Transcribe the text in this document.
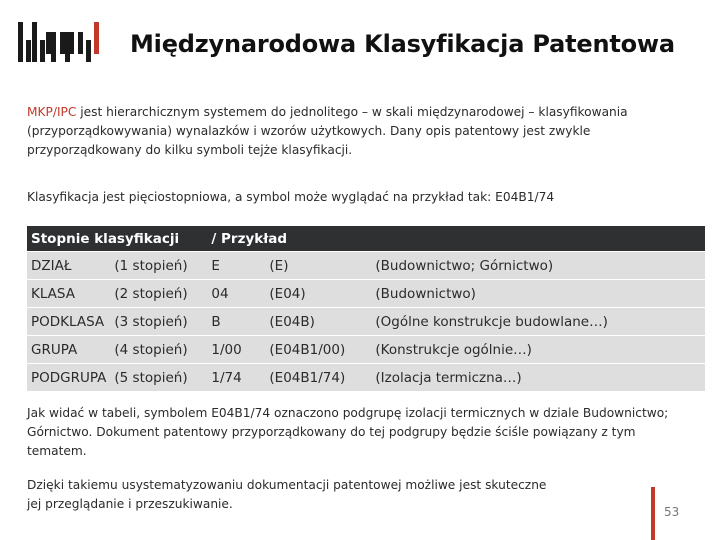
Międzynarodowa Klasyfikacja Patentowa
MKP/IPC jest hierarchicznym systemem do jednolitego – w skali międzynarodowej – klasyfikowania
(przyporządkowywania) wynalazków i wzorów użytkowych. Dany opis patentowy jest zwykle
przyporządkowany do kilku symboli tejże klasyfikacji.
Klasyfikacja jest pięciostopniowa, a symbol może wyglądać na przykład tak: E04B1/74
Stopnie klasyfikacji		/ Przykład		
DZIAŁ	(1 stopień)	E	(E)	(Budownictwo; Górnictwo)
KLASA	(2 stopień)	04	(E04)	(Budownictwo)
PODKLASA	(3 stopień)	B	(E04B)	(Ogólne konstrukcje budowlane…)
GRUPA	(4 stopień)	1/00	(E04B1/00)	(Konstrukcje ogólnie…)
PODGRUPA	(5 stopień)	1/74	(E04B1/74)	(Izolacja termiczna…)
Jak widać w tabeli, symbolem E04B1/74 oznaczono podgrupę izolacji termicznych w dziale Budownictwo;
Górnictwo. Dokument patentowy przyporządkowany do tej podgrupy będzie ściśle powiązany z tym
tematem.
Dzięki takiemu usystematyzowaniu dokumentacji patentowej możliwe jest skuteczne
jej przeglądanie i przeszukiwanie.
53
